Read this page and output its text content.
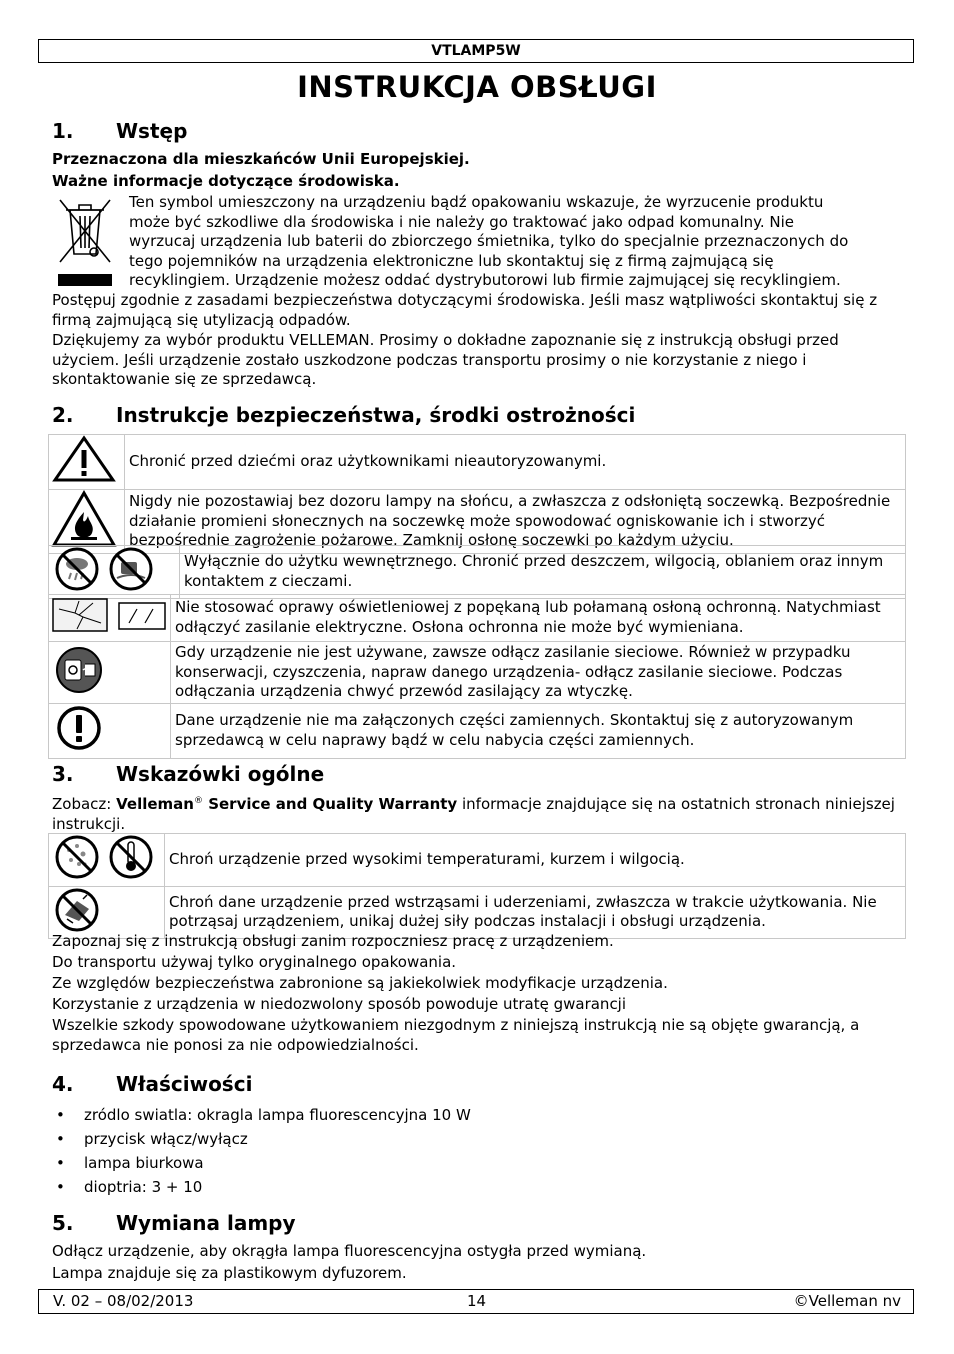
VTLAMP5W
INSTRUKCJA OBSŁUGI
1. Wstęp
Przeznaczona dla mieszkańców Unii Europejskiej.
Ważne informacje dotyczące środowiska.
Ten symbol umieszczony na urządzeniu bądź opakowaniu wskazuje, że wyrzucenie produktu
może być szkodliwe dla środowiska i nie należy go traktować jako odpad komunalny. Nie
wyrzucaj urządzenia lub baterii do zbiorczego śmietnika, tylko do specjalnie przeznaczonych do
tego pojemników na urządzenia elektroniczne lub skontaktuj się z firmą zajmującą się
recyklingiem. Urządzenie możesz oddać dystrybutorowi lub firmie zajmującej się recyklingiem.
Postępuj zgodnie z zasadami bezpieczeństwa dotyczącymi środowiska. Jeśli masz wątpliwości skontaktuj się z firmą zajmującą się utylizacją odpadów.
Dziękujemy za wybór produktu VELLEMAN. Prosimy o dokładne zapoznanie się z instrukcją obsługi przed użyciem. Jeśli urządzenie zostało uszkodzone podczas transportu prosimy o nie korzystanie z niego i skontaktowanie się ze sprzedawcą.
2. Instrukcje bezpieczeństwa, środki ostrożności
	Chronić przed dziećmi oraz użytkownikami nieautoryzowanymi.
	Nigdy nie pozostawiaj bez dozoru lampy na słońcu, a zwłaszcza z odsłoniętą soczewką. Bezpośrednie działanie promieni słonecznych na soczewkę może spowodować ogniskowanie ich i stworzyć bezpośrednie zagrożenie pożarowe. Zamknij osłonę soczewki po każdym użyciu.
	Wyłącznie do użytku wewnętrznego. Chronić przed deszczem, wilgocią, oblaniem oraz innym kontaktem z cieczami.
	Nie stosować oprawy oświetleniowej z popękaną lub połamaną osłoną ochronną. Natychmiast odłączyć zasilanie elektryczne. Osłona ochronna nie może być wymieniana.
	Gdy urządzenie nie jest używane, zawsze odłącz zasilanie sieciowe. Również w przypadku konserwacji, czyszczenia, napraw danego urządzenia- odłącz zasilanie sieciowe. Podczas odłączania urządzenia chwyć przewód zasilający za wtyczkę.
	Dane urządzenie nie ma załączonych części zamiennych. Skontaktuj się z autoryzowanym sprzedawcą w celu naprawy bądź w celu nabycia części zamiennych.
3. Wskazówki ogólne
Zobacz: Velleman® Service and Quality Warranty informacje znajdujące się na ostatnich stronach niniejszej instrukcji.
	Chroń urządzenie przed wysokimi temperaturami, kurzem i wilgocią.
	Chroń dane urządzenie przed wstrząsami i uderzeniami, zwłaszcza w trakcie użytkowania. Nie potrząsaj urządzeniem, unikaj dużej siły podczas instalacji i obsługi urządzenia.
Zapoznaj się z instrukcją obsługi zanim rozpoczniesz pracę z urządzeniem.
Do transportu używaj tylko oryginalnego opakowania.
Ze względów bezpieczeństwa zabronione są jakiekolwiek modyfikacje urządzenia.
Korzystanie z urządzenia w niedozwolony sposób powoduje utratę gwarancji
Wszelkie szkody spowodowane użytkowaniem niezgodnym z niniejszą instrukcją nie są objęte gwarancją, a sprzedawca nie ponosi za nie odpowiedzialności.
4. Właściwości
• zródlo swiatla: okragla lampa fluorescencyjna 10 W
• przycisk włącz/wyłącz
• lampa biurkowa
• dioptria: 3 + 10
5. Wymiana lampy
Odłącz urządzenie, aby okrągła lampa fluorescencyjna ostygła przed wymianą.
Lampa znajduje się za plastikowym dyfuzorem.
V. 02 – 08/02/2013	14	©Velleman nv
